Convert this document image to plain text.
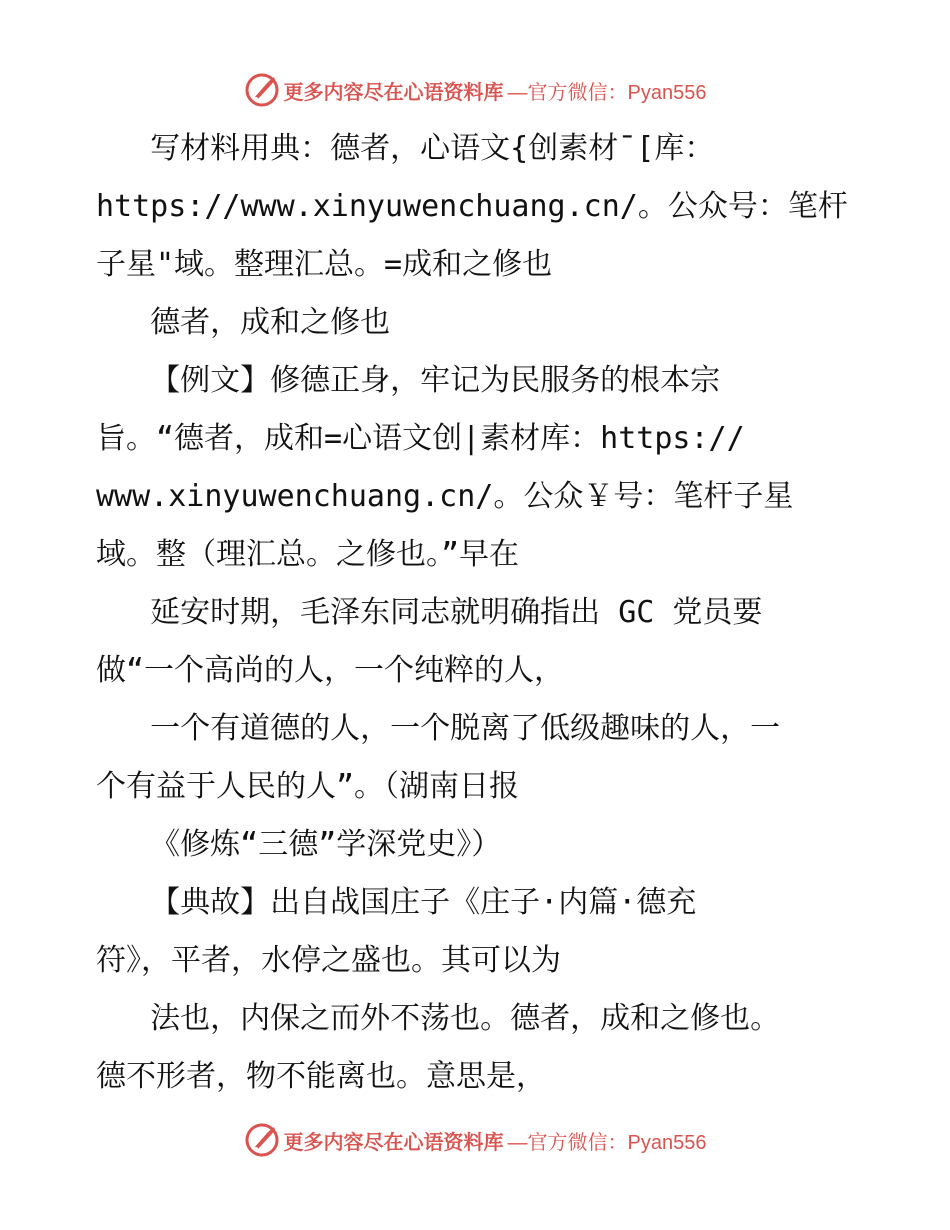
更多内容尽在心语资料库 —官方微信：Pyan556
写材料用典：德者，心语文{创素材¯[库：
https://www.xinyuwenchuang.cn/。公众号：笔杆
子星"域。整理汇总。=成和之修也
德者，成和之修也
【例文】修德正身，牢记为民服务的根本宗
旨。“德者，成和=心语文创|素材库：https://
www.xinyuwenchuang.cn/。公众￥号：笔杆子星
域。整（理汇总。之修也。”早在
延安时期，毛泽东同志就明确指出 GC 党员要
做“一个高尚的人，一个纯粹的人，
一个有道德的人，一个脱离了低级趣味的人，一
个有益于人民的人”。（湖南日报
《修炼“三德”学深党史》）
【典故】出自战国庄子《庄子·内篇·德充
符》，平者，水停之盛也。其可以为
法也，内保之而外不荡也。德者，成和之修也。
德不形者，物不能离也。意思是，
更多内容尽在心语资料库 —官方微信：Pyan556
